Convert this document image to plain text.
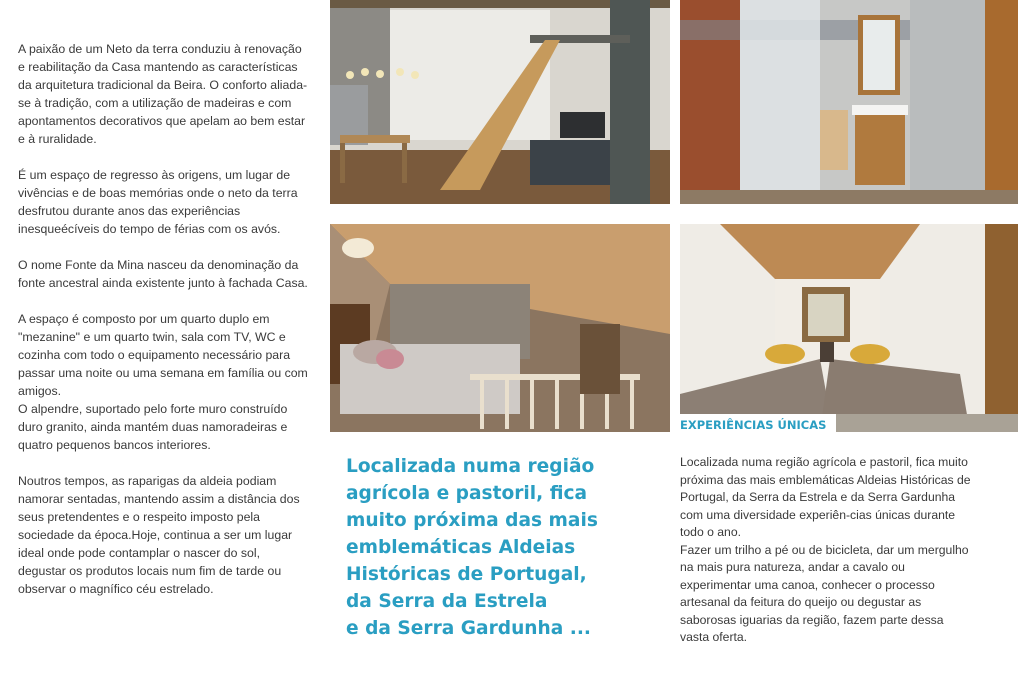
A paixão de um Neto da terra conduziu à renovação e reabilitação da Casa mantendo as características da arquitetura tradicional da Beira. O conforto aliada-se à tradição, com a utilização de madeiras e com apontamentos decorativos que apelam ao bem estar e à ruralidade.

É um espaço de regresso às origens, um lugar de vivências e de boas memórias onde o neto da terra desfrutou durante anos das experiências inesqueécíveis do tempo de férias com os avós.

O nome Fonte da Mina nasceu da denominação da fonte ancestral ainda existente junto à fachada Casa.

A espaço é composto por um quarto duplo em "mezanine" e um quarto twin, sala com TV, WC e cozinha com todo o equipamento necessário para passar uma noite ou uma semana em família ou com amigos.

O alpendre, suportado pelo forte muro construído duro granito, ainda mantém duas namoradeiras e quatro pequenos bancos interiores.

Noutros tempos, as raparigas da aldeia podiam namorar sentadas, mantendo assim a distância dos seus pretendentes e o respeito imposto pela sociedade da época.Hoje, continua a ser um lugar ideal onde pode contamplar o nascer do sol, degustar os produtos locais num fim de tarde ou observar o magnífico céu estrelado.

Localizada numa região
agrícola e pastoril, fica
muito próxima das mais
emblemáticas Aldeias
Históricas de Portugal,
da Serra da Estrela
e da Serra Gardunha ...
EXPERIÊNCIAS ÚNICAS

Localizada numa região agrícola e pastoril, fica muito próxima das mais emblemáticas Aldeias Históricas de Portugal, da Serra da Estrela e da Serra Gardunha com uma diversidade experiên-cias únicas durante todo o ano.

Fazer um trilho a pé ou de bicicleta, dar um mergulho na mais pura natureza, andar a cavalo ou experimentar uma canoa, conhecer o processo artesanal da feitura do queijo ou degustar as saborosas iguarias da região, fazem parte dessa vasta oferta.
